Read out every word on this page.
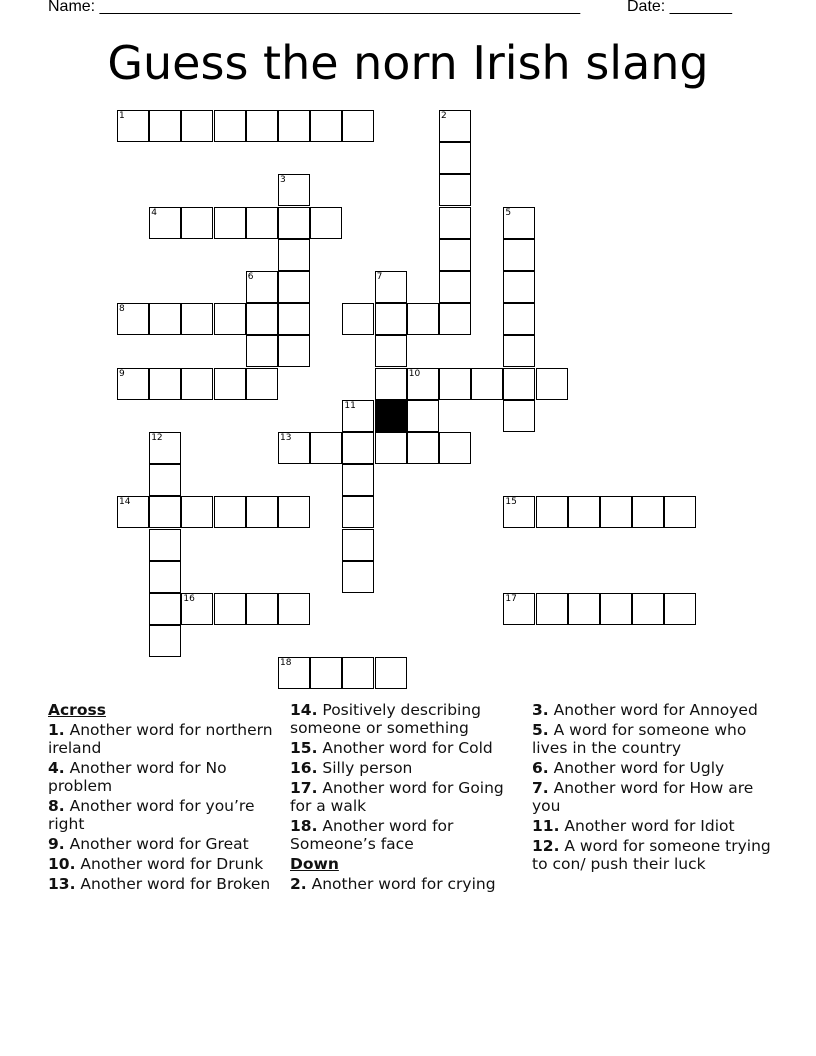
Name: ______________________________________________________	Date: _______
Guess the norn Irish slang
1	2
3
4	5
6	7
8
9	10
11
12	13
14	15
16	17
18
Across
1. Another word for northern ireland
4. Another word for No problem
8. Another word for you’re right
9. Another word for Great
10. Another word for Drunk
13. Another word for Broken
14. Positively describing someone or something
15. Another word for Cold
16. Silly person
17. Another word for Going for a walk
18. Another word for Someone’s face
Down
2. Another word for crying
3. Another word for Annoyed
5. A word for someone who lives in the country
6. Another word for Ugly
7. Another word for How are you
11. Another word for Idiot
12. A word for someone trying to con/ push their luck
